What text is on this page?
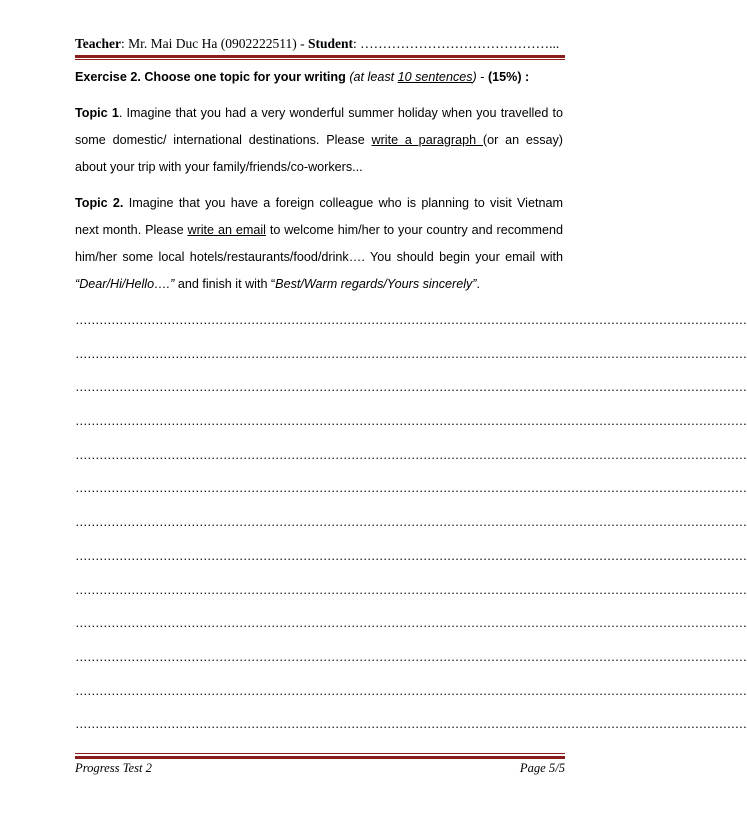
Teacher: Mr. Mai Duc Ha (0902222511) - Student: ……………………………………...

Exercise 2. Choose one topic for your writing (at least 10 sentences) - (15%) :

Topic 1. Imagine that you had a very wonderful summer holiday when you travelled to some domestic/ international destinations. Please write a paragraph (or an essay) about your trip with your family/friends/co-workers...

Topic 2. Imagine that you have a foreign colleague who is planning to visit Vietnam next month. Please write an email to welcome him/her to your country and recommend him/her some local hotels/restaurants/food/drink…. You should begin your email with “Dear/Hi/Hello….” and finish it with “Best/Warm regards/Yours sincerely”.

……………………………………………………………………………………………………………………………………………………
……………………………………………………………………………………………………………………………………………………
……………………………………………………………………………………………………………………………………………………
……………………………………………………………………………………………………………………………………………………
……………………………………………………………………………………………………………………………………………………
……………………………………………………………………………………………………………………………………………………
……………………………………………………………………………………………………………………………………………………
……………………………………………………………………………………………………………………………………………………
……………………………………………………………………………………………………………………………………………………
……………………………………………………………………………………………………………………………………………………
……………………………………………………………………………………………………………………………………………………
……………………………………………………………………………………………………………………………………………………
……………………………………………………………………………………………………………………………………………………
Progress Test 2	Page 5/5
